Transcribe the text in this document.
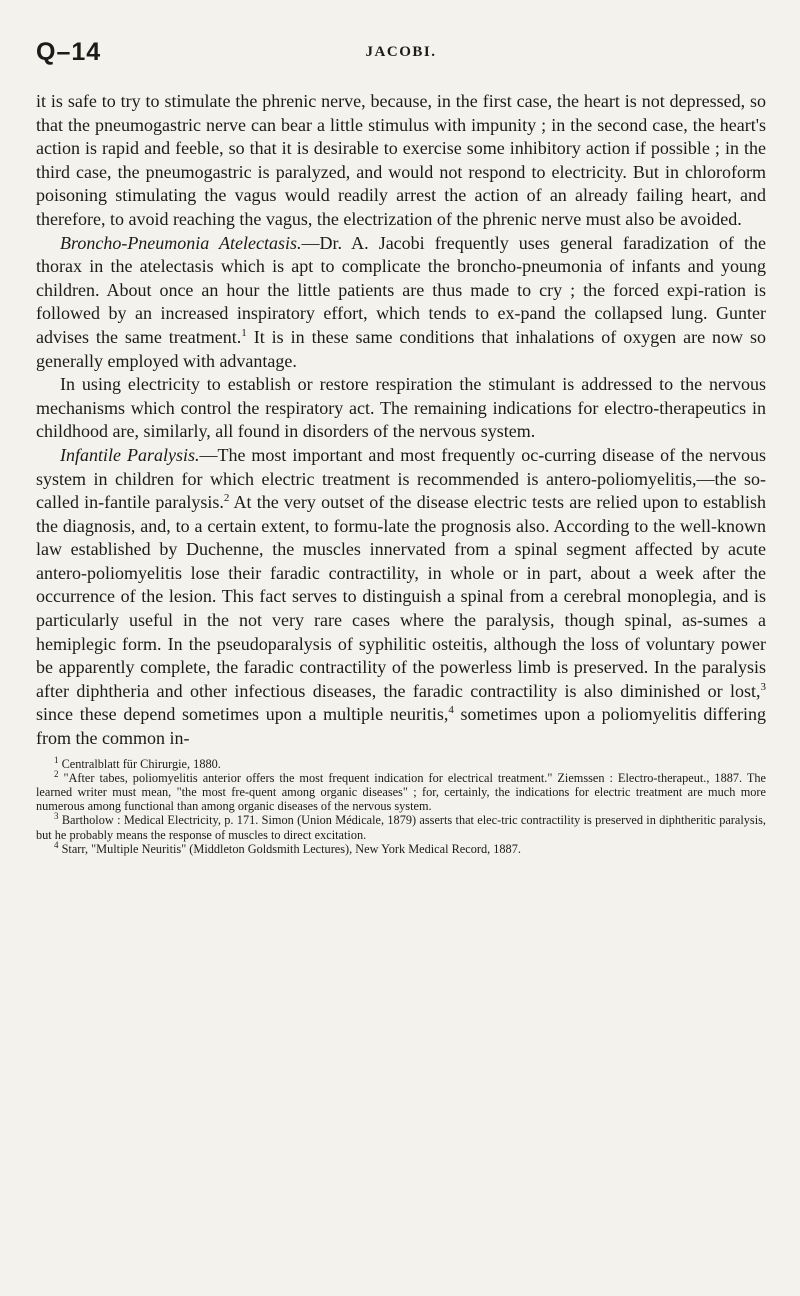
Q–14	JACOBI.

it is safe to try to stimulate the phrenic nerve, because, in the first case, the heart is not depressed, so that the pneumogastric nerve can bear a little stimulus with impunity ; in the second case, the heart's action is rapid and feeble, so that it is desirable to exercise some inhibitory action if possible ; in the third case, the pneumogastric is paralyzed, and would not respond to electricity. But in chloroform poisoning stimulating the vagus would readily arrest the action of an already failing heart, and therefore, to avoid reaching the vagus, the electrization of the phrenic nerve must also be avoided.

Broncho-Pneumonia Atelectasis.—Dr. A. Jacobi frequently uses general faradization of the thorax in the atelectasis which is apt to complicate the broncho-pneumonia of infants and young children. About once an hour the little patients are thus made to cry ; the forced expi-ration is followed by an increased inspiratory effort, which tends to ex-pand the collapsed lung. Gunter advises the same treatment.$^1$ It is in these same conditions that inhalations of oxygen are now so generally employed with advantage.

In using electricity to establish or restore respiration the stimulant is addressed to the nervous mechanisms which control the respiratory act. The remaining indications for electro-therapeutics in childhood are, similarly, all found in disorders of the nervous system.

Infantile Paralysis.—The most important and most frequently oc-curring disease of the nervous system in children for which electric treatment is recommended is antero-poliomyelitis,—the so-called in-fantile paralysis.$^2$ At the very outset of the disease electric tests are relied upon to establish the diagnosis, and, to a certain extent, to formu-late the prognosis also. According to the well-known law established by Duchenne, the muscles innervated from a spinal segment affected by acute antero-poliomyelitis lose their faradic contractility, in whole or in part, about a week after the occurrence of the lesion. This fact serves to distinguish a spinal from a cerebral monoplegia, and is particularly useful in the not very rare cases where the paralysis, though spinal, as-sumes a hemiplegic form. In the pseudoparalysis of syphilitic osteitis, although the loss of voluntary power be apparently complete, the faradic contractility of the powerless limb is preserved. In the paralysis after diphtheria and other infectious diseases, the faradic contractility is also diminished or lost,$^3$ since these depend sometimes upon a multiple neuritis,$^4$ sometimes upon a poliomyelitis differing from the common in-

$^1$ Centralblatt für Chirurgie, 1880.

$^2$ "After tabes, poliomyelitis anterior offers the most frequent indication for electrical treatment." Ziemssen : Electro-therapeut., 1887. The learned writer must mean, "the most fre-quent among organic diseases" ; for, certainly, the indications for electric treatment are much more numerous among functional than among organic diseases of the nervous system.

$^3$ Bartholow : Medical Electricity, p. 171. Simon (Union Médicale, 1879) asserts that elec-tric contractility is preserved in diphtheritic paralysis, but he probably means the response of muscles to direct excitation.

$^4$ Starr, "Multiple Neuritis" (Middleton Goldsmith Lectures), New York Medical Record, 1887.
